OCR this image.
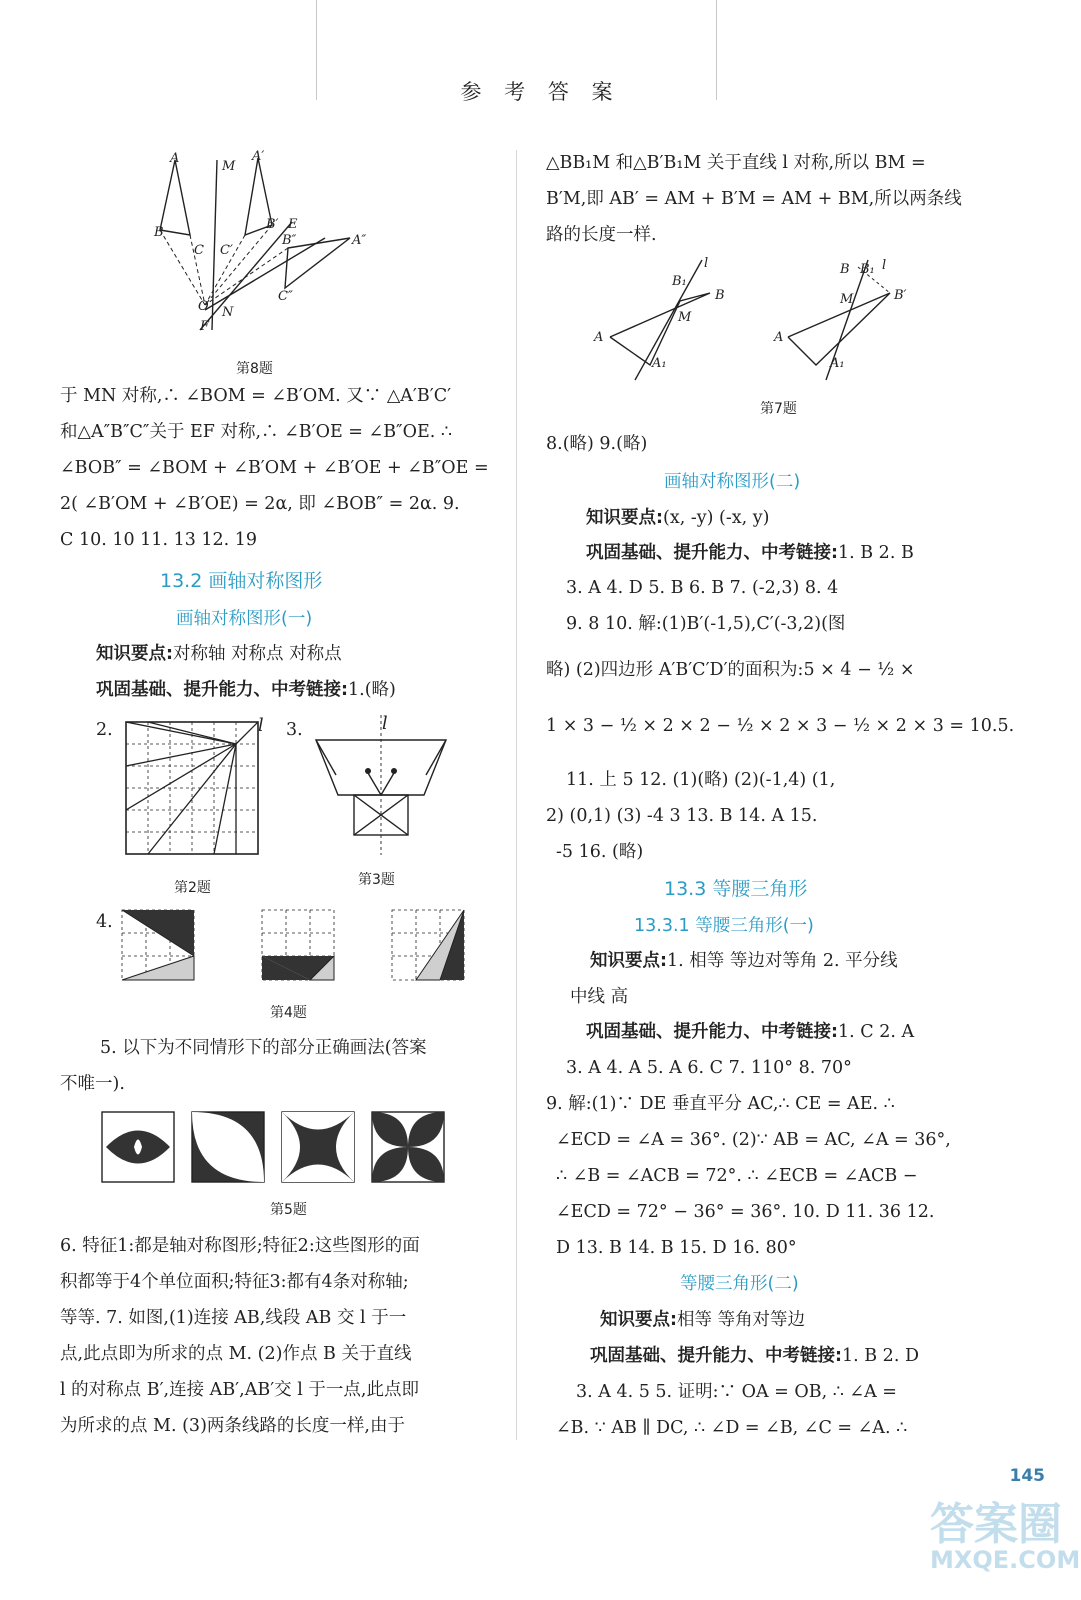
参 考 答 案
A
M
A′
B
C C′
B′ E
B″	A″
C″
O
F
N
第8题
于 MN 对称,∴ ∠BOM = ∠B′OM. 又∵ △A′B′C′
和△A″B″C″关于 EF 对称,∴ ∠B′OE = ∠B″OE. ∴
∠BOB″ = ∠BOM + ∠B′OM + ∠B′OE + ∠B″OE =
2( ∠B′OM + ∠B′OE) = 2α, 即 ∠BOB″ = 2α. 9.
C 10. 10 11. 13 12. 19
13.2 画轴对称图形
画轴对称图形(一)
知识要点:对称轴 对称点 对称点
巩固基础、提升能力、中考链接:1.(略)
2.	l 3.	l
第2题	第3题
4.
第4题
5. 以下为不同情形下的部分正确画法(答案
不唯一).
第5题
6. 特征1:都是轴对称图形;特征2:这些图形的面
积都等于4个单位面积;特征3:都有4条对称轴;
等等. 7. 如图,(1)连接 AB,线段 AB 交 l 于一
点,此点即为所求的点 M. (2)作点 B 关于直线
l 的对称点 B′,连接 AB′,AB′交 l 于一点,此点即
为所求的点 M. (3)两条线路的长度一样,由于
△BB₁M 和△B′B₁M 关于直线 l 对称,所以 BM =
B′M,即 AB′ = AM + B′M = AM + BM,所以两条线
路的长度一样.
l
B₁
B
M
A
A₁
B B₁ l
M	B′
A
A₁
第7题
8.(略) 9.(略)
画轴对称图形(二)
知识要点:(x, -y) (-x, y)
巩固基础、提升能力、中考链接:1. B 2. B
3. A 4. D 5. B 6. B 7. (-2,3) 8. 4
9. 8 10. 解:(1)B′(-1,5),C′(-3,2)(图
略) (2)四边形 A′B′C′D′的面积为:5 × 4 − ½ ×
1 × 3 − ½ × 2 × 2 − ½ × 2 × 3 − ½ × 2 × 3 = 10.5.
11. 上 5 12. (1)(略) (2)(-1,4) (1,
2) (0,1) (3) -4 3 13. B 14. A 15.
-5 16. (略)
13.3 等腰三角形
13.3.1 等腰三角形(一)
知识要点:1. 相等 等边对等角 2. 平分线
中线 高
巩固基础、提升能力、中考链接:1. C 2. A
3. A 4. A 5. A 6. C 7. 110° 8. 70°
9. 解:(1)∵ DE 垂直平分 AC,∴ CE = AE. ∴
∠ECD = ∠A = 36°. (2)∵ AB = AC, ∠A = 36°,
∴ ∠B = ∠ACB = 72°. ∴ ∠ECB = ∠ACB −
∠ECD = 72° − 36° = 36°. 10. D 11. 36 12.
D 13. B 14. B 15. D 16. 80°
等腰三角形(二)
知识要点:相等 等角对等边
巩固基础、提升能力、中考链接:1. B 2. D
3. A 4. 5 5. 证明:∵ OA = OB, ∴ ∠A =
∠B. ∵ AB ∥ DC, ∴ ∠D = ∠B, ∠C = ∠A. ∴
145
答案圈
MXQE.COM
